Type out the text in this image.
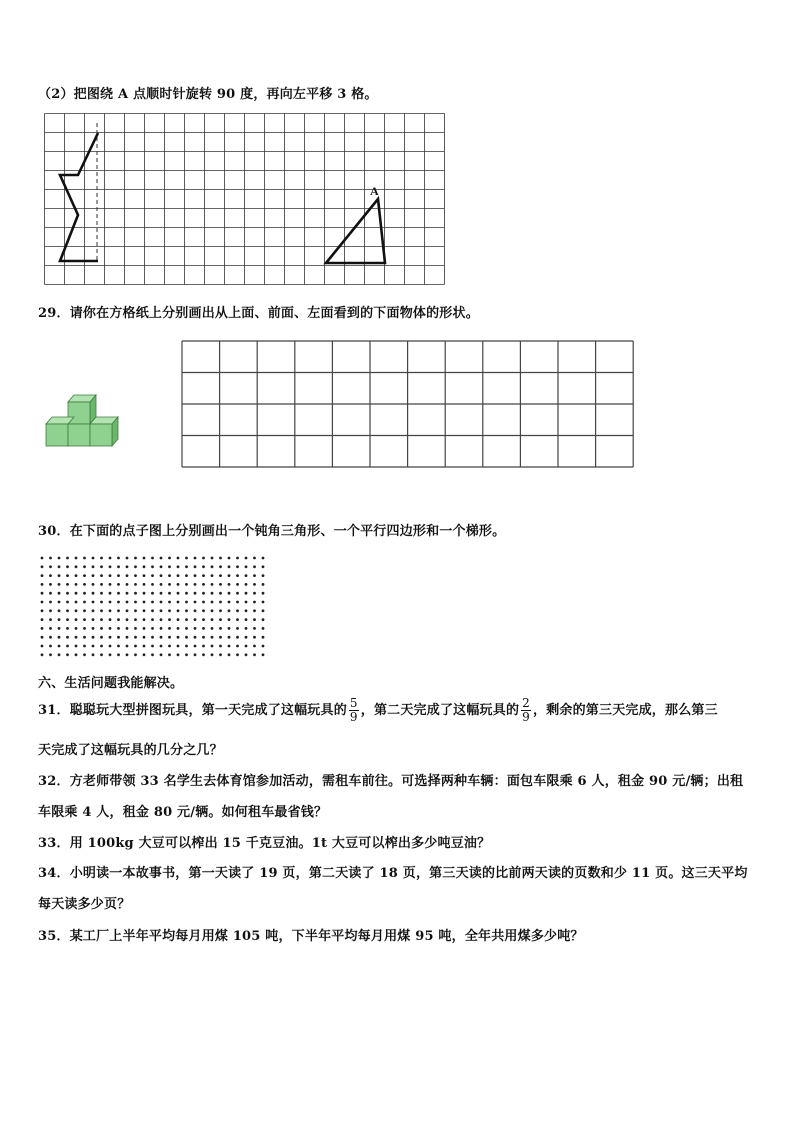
（2）把图绕 A 点顺时针旋转 90 度，再向左平移 3 格。
A
29．请你在方格纸上分别画出从上面、前面、左面看到的下面物体的形状。
30．在下面的点子图上分别画出一个钝角三角形、一个平行四边形和一个梯形。
六、生活问题我能解决。
31．聪聪玩大型拼图玩具，第一天完成了这幅玩具的 $\frac{5}{9}$ ，第二天完成了这幅玩具的 $\frac{2}{9}$ ，剩余的第三天完成，那么第三
天完成了这幅玩具的几分之几？
32．方老师带领 33 名学生去体育馆参加活动，需租车前往。可选择两种车辆：面包车限乘 6 人，租金 90 元/辆；出租
车限乘 4 人，租金 80 元/辆。如何租车最省钱？
33．用 100kg 大豆可以榨出 15 千克豆油。1t 大豆可以榨出多少吨豆油？
34．小明读一本故事书，第一天读了 19 页，第二天读了 18 页，第三天读的比前两天读的页数和少 11 页。这三天平均
每天读多少页？
35．某工厂上半年平均每月用煤 105 吨，下半年平均每月用煤 95 吨，全年共用煤多少吨？
